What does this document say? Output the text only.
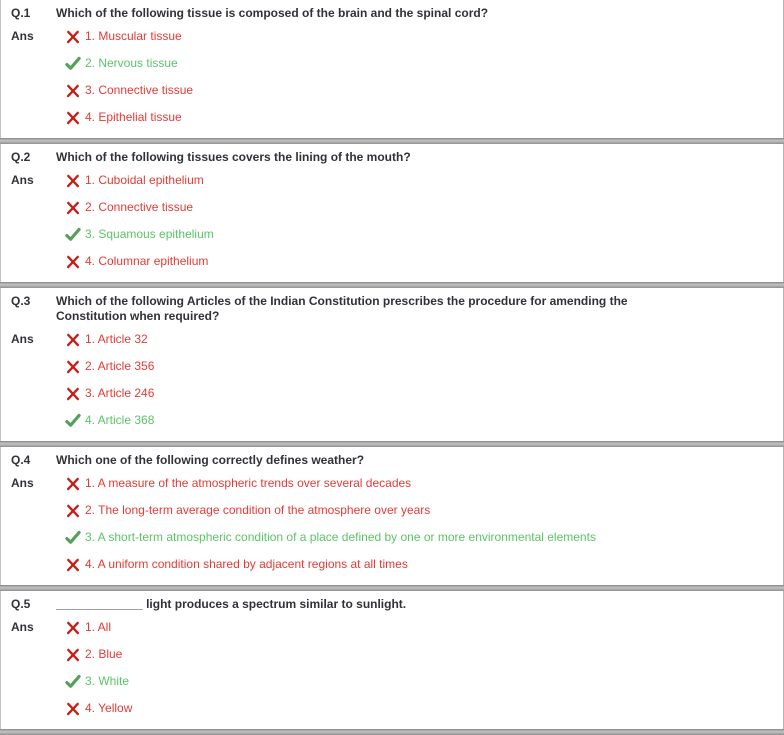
Q.1	Which of the following tissue is composed of the brain and the spinal cord?
Ans	1. Muscular tissue
2. Nervous tissue
3. Connective tissue
4. Epithelial tissue
Q.2	Which of the following tissues covers the lining of the mouth?
Ans	1. Cuboidal epithelium
2. Connective tissue
3. Squamous epithelium
4. Columnar epithelium
Q.3	Which of the following Articles of the Indian Constitution prescribes the procedure for amending the Constitution when required?
Ans	1. Article 32
2. Article 356
3. Article 246
4. Article 368
Q.4	Which one of the following correctly defines weather?
Ans	1. A measure of the atmospheric trends over several decades
2. The long-term average condition of the atmosphere over years
3. A short-term atmospheric condition of a place defined by one or more environmental elements
4. A uniform condition shared by adjacent regions at all times
Q.5	_____________ light produces a spectrum similar to sunlight.
Ans	1. All
2. Blue
3. White
4. Yellow
